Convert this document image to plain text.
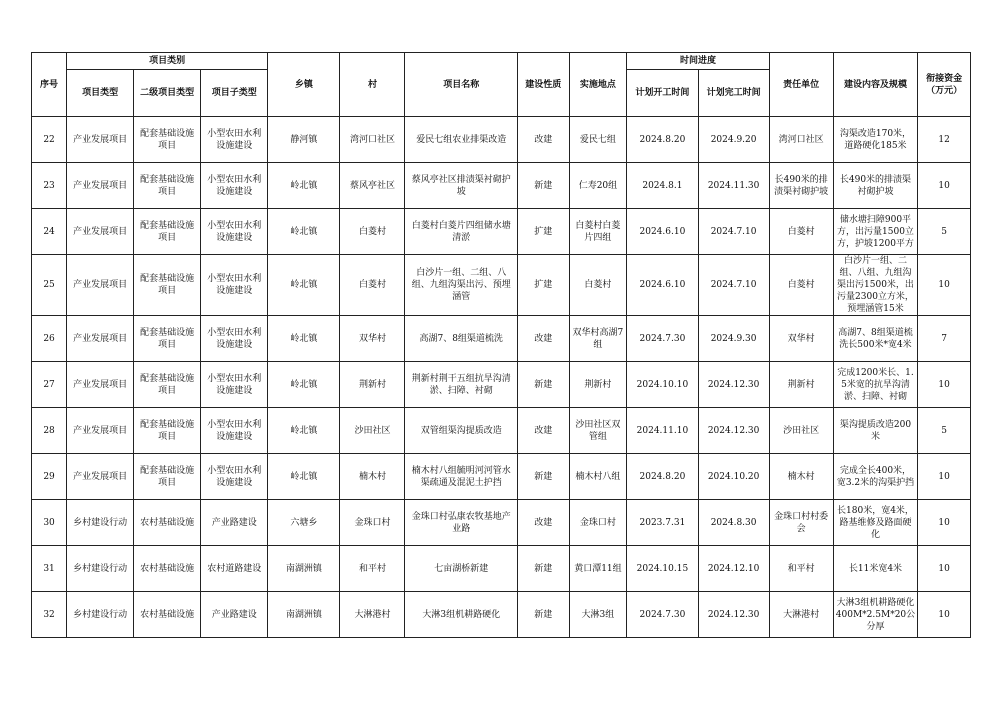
序号	项目类别			乡镇	村	项目名称	建设性质	实施地点	时间进度		责任单位	建设内容及规模	衔接资金（万元）
	项目类型	二级项目类型	项目子类型						计划开工时间	计划完工时间			
22	产业发展项目	配套基础设施项目	小型农田水利设施建设	静河镇	湾河口社区	爱民七组农业排渠改造	改建	爱民七组	2024.8.20	2024.9.20	湾河口社区	沟渠改造170米，道路硬化185米	12
23	产业发展项目	配套基础设施项目	小型农田水利设施建设	岭北镇	蔡风亭社区	蔡风亭社区排渍渠衬砌护坡	新建	仁寿20组	2024.8.1	2024.11.30	长490米的排渍渠衬砌护坡	长490米的排渍渠衬砌护坡	10
24	产业发展项目	配套基础设施项目	小型农田水利设施建设	岭北镇	白菱村	白菱村白菱片四组储水塘清淤	扩建	白菱村白菱片四组	2024.6.10	2024.7.10	白菱村	储水塘扫障900平方，出污量1500立方，护坡1200平方	5
25	产业发展项目	配套基础设施项目	小型农田水利设施建设	岭北镇	白菱村	白沙片一组、二组、八组、九组沟渠出污、预埋涵管	扩建	白菱村	2024.6.10	2024.7.10	白菱村	白沙片一组、二组、八组、九组沟渠出污1500米，出污量2300立方米，预埋涵管15米	10
26	产业发展项目	配套基础设施项目	小型农田水利设施建设	岭北镇	双华村	高湖7、8组渠道梳洗	改建	双华村高湖7组	2024.7.30	2024.9.30	双华村	高湖7、8组渠道梳洗长500米*宽4米	7
27	产业发展项目	配套基础设施项目	小型农田水利设施建设	岭北镇	荆新村	荆新村荆干五组抗旱沟清淤、扫障、衬砌	新建	荆新村	2024.10.10	2024.12.30	荆新村	完成1200米长、1.5米宽的抗旱沟清淤、扫障、衬砌	10
28	产业发展项目	配套基础设施项目	小型农田水利设施建设	岭北镇	沙田社区	双管组渠沟提质改造	改建	沙田社区双管组	2024.11.10	2024.12.30	沙田社区	渠沟提质改造200米	5
29	产业发展项目	配套基础设施项目	小型农田水利设施建设	岭北镇	楠木村	楠木村八组毓明河河管水渠疏通及混泥土护挡	新建	楠木村八组	2024.8.20	2024.10.20	楠木村	完成全长400米，宽3.2米的沟渠护挡	10
30	乡村建设行动	农村基础设施	产业路建设	六塘乡	金珠口村	金珠口村弘康农牧基地产业路	改建	金珠口村	2023.7.31	2024.8.30	金珠口村村委会	长180米，宽4米，路基维修及路面硬化	10
31	乡村建设行动	农村基础设施	农村道路建设	南湖洲镇	和平村	七亩湖桥新建	新建	黄口潭11组	2024.10.15	2024.12.10	和平村	长11米宽4米	10
32	乡村建设行动	农村基础设施	产业路建设	南湖洲镇	大淋港村	大淋3组机耕路硬化	新建	大淋3组	2024.7.30	2024.12.30	大淋港村	大淋3组机耕路硬化400M*2.5M*20公分厚	10
